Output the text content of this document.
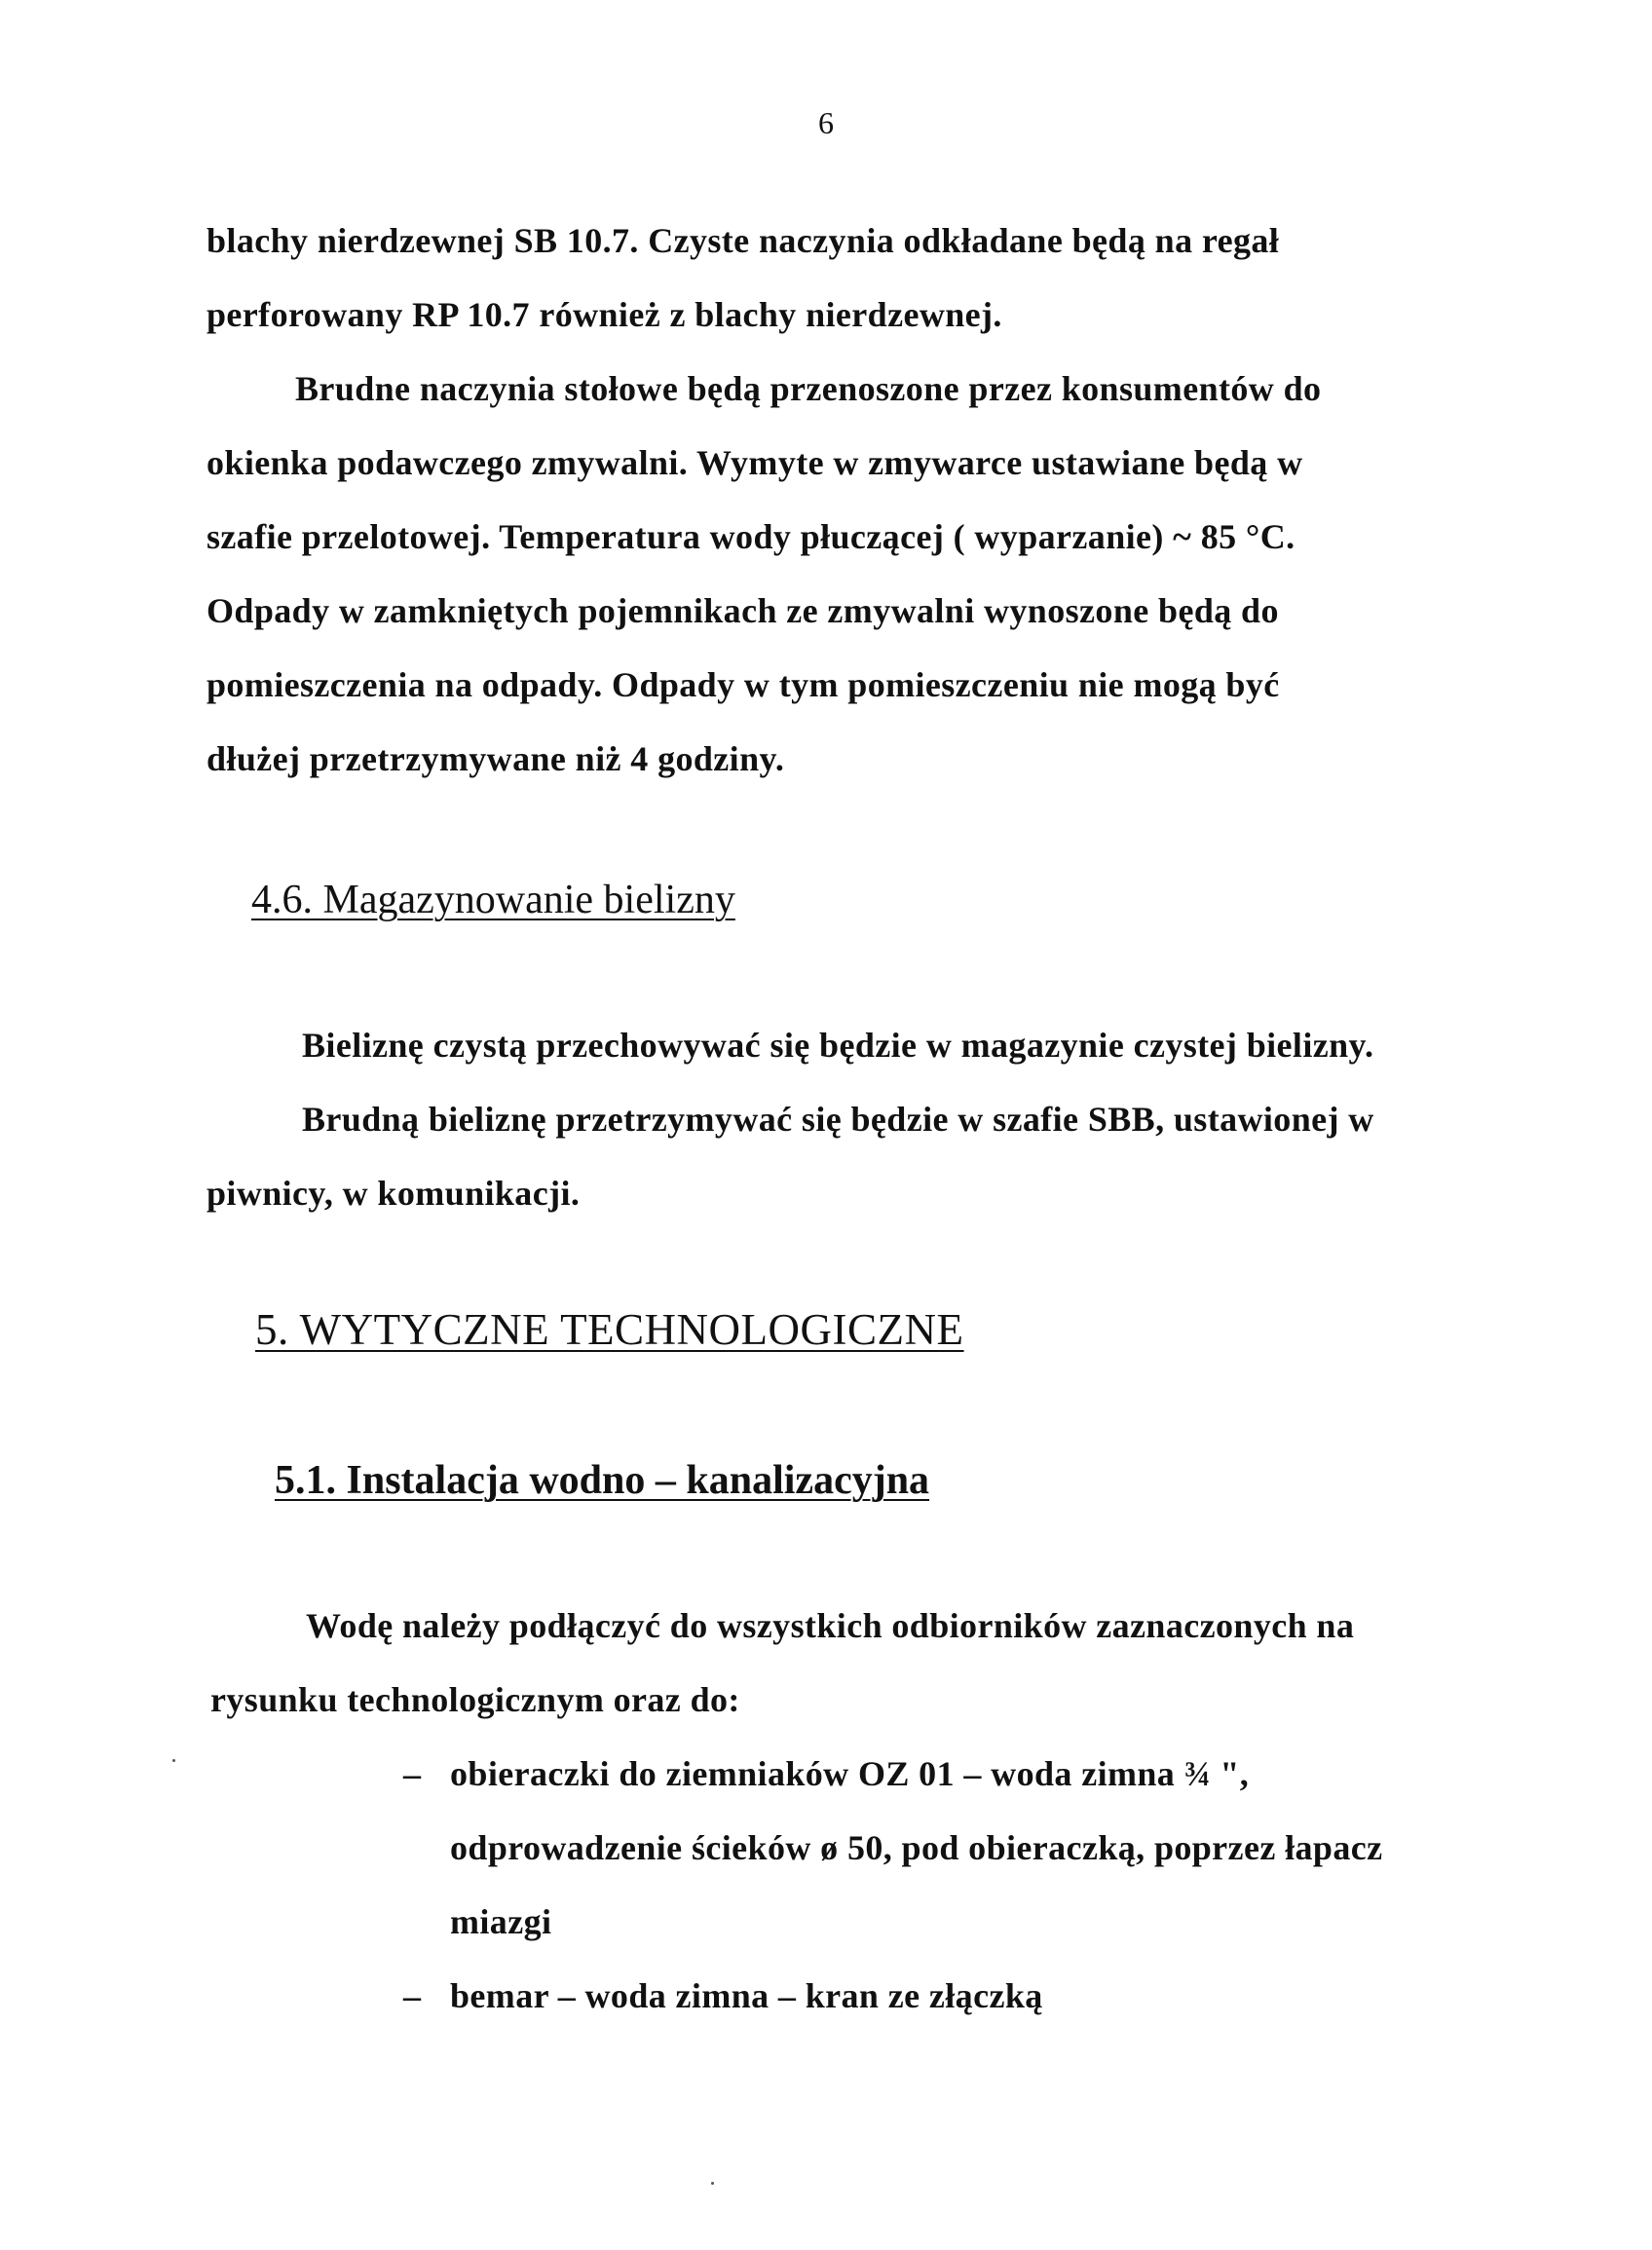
6
blachy nierdzewnej SB 10.7. Czyste naczynia odkładane będą na regał
perforowany RP 10.7 również z blachy nierdzewnej.
Brudne naczynia stołowe będą przenoszone przez konsumentów do
okienka podawczego zmywalni. Wymyte w zmywarce ustawiane będą w
szafie przelotowej. Temperatura wody płuczącej ( wyparzanie) ~ 85 °C.
Odpady w zamkniętych pojemnikach ze zmywalni wynoszone będą do
pomieszczenia na odpady. Odpady w tym pomieszczeniu nie mogą być
dłużej przetrzymywane niż 4 godziny.
4.6. Magazynowanie bielizny
Bieliznę czystą przechowywać się będzie w magazynie czystej bielizny.
Brudną bieliznę przetrzymywać się będzie w szafie SBB, ustawionej w
piwnicy, w komunikacji.
5. WYTYCZNE TECHNOLOGICZNE
5.1. Instalacja wodno – kanalizacyjna
Wodę należy podłączyć do wszystkich odbiorników zaznaczonych na
rysunku technologicznym oraz do:
– obieraczki do ziemniaków OZ 01 – woda zimna ¾ ",
odprowadzenie ścieków ø 50, pod obieraczką, poprzez łapacz
miazgi
– bemar – woda zimna – kran ze złączką
